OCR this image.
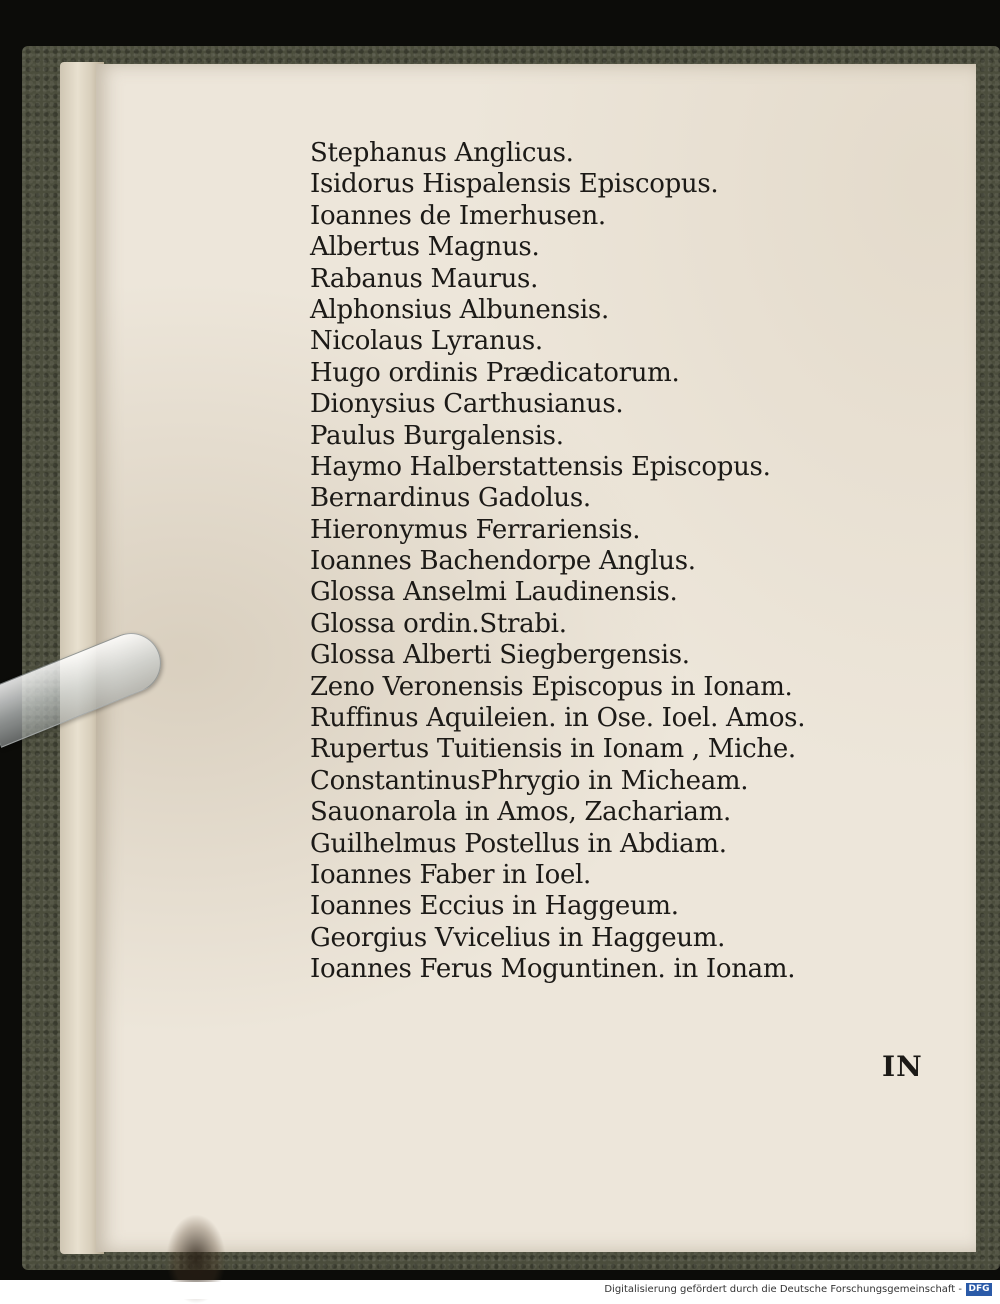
Stephanus Anglicus.
Isidorus Hispalensis Episcopus.
Ioannes de Imerhusen.
Albertus Magnus.
Rabanus Maurus.
Alphonsius Albunensis.
Nicolaus Lyranus.
Hugo ordinis Prædicatorum.
Dionysius Carthusianus.
Paulus Burgalensis.
Haymo Halberstattensis Episcopus.
Bernardinus Gadolus.
Hieronymus Ferrariensis.
Ioannes Bachendorpe Anglus.
Glossa Anselmi Laudinensis.
Glossa ordin.Strabi.
Glossa Alberti Siegbergensis.
Zeno Veronensis Episcopus in Ionam.
Ruffinus Aquileien. in Ose. Ioel. Amos.
Rupertus Tuitiensis in Ionam , Miche.
ConstantinusPhrygio in Micheam.
Sauonarola in Amos, Zachariam.
Guilhelmus Postellus in Abdiam.
Ioannes Faber in Ioel.
Ioannes Eccius in Haggeum.
Georgius Vvicelius in Haggeum.
Ioannes Ferus Moguntinen. in Ionam.
IN
Digitalisierung gefördert durch die Deutsche Forschungsgemeinschaft - DFG
